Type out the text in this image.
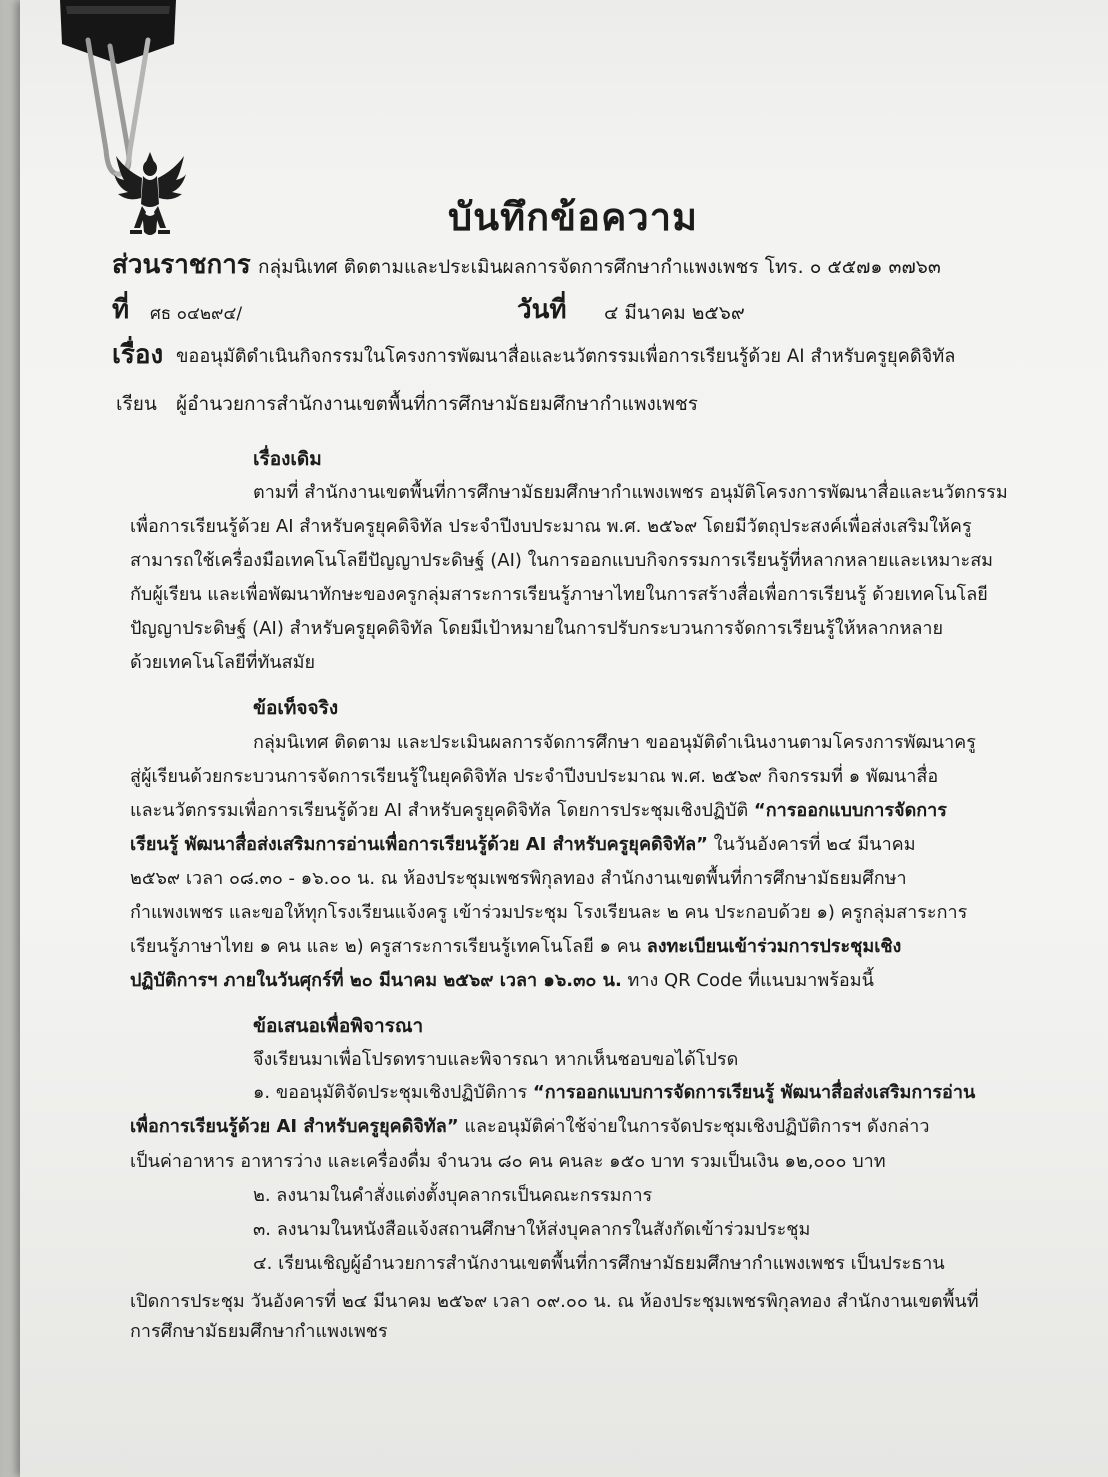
บันทึกข้อความ
ส่วนราชการ กลุ่มนิเทศ ติดตามและประเมินผลการจัดการศึกษากำแพงเพชร โทร. ๐ ๕๕๗๑ ๓๗๖๓
ที่ ศธ ๐๔๒๙๔/	วันที่ ๔ มีนาคม ๒๕๖๙
เรื่อง ขออนุมัติดำเนินกิจกรรมในโครงการพัฒนาสื่อและนวัตกรรมเพื่อการเรียนรู้ด้วย AI สำหรับครูยุคดิจิทัล
เรียน ผู้อำนวยการสำนักงานเขตพื้นที่การศึกษามัธยมศึกษากำแพงเพชร
เรื่องเดิม
ตามที่ สำนักงานเขตพื้นที่การศึกษามัธยมศึกษากำแพงเพชร อนุมัติโครงการพัฒนาสื่อและนวัตกรรม
เพื่อการเรียนรู้ด้วย AI สำหรับครูยุคดิจิทัล ประจำปีงบประมาณ พ.ศ. ๒๕๖๙ โดยมีวัตถุประสงค์เพื่อส่งเสริมให้ครู
สามารถใช้เครื่องมือเทคโนโลยีปัญญาประดิษฐ์ (AI) ในการออกแบบกิจกรรมการเรียนรู้ที่หลากหลายและเหมาะสม
กับผู้เรียน และเพื่อพัฒนาทักษะของครูกลุ่มสาระการเรียนรู้ภาษาไทยในการสร้างสื่อเพื่อการเรียนรู้ ด้วยเทคโนโลยี
ปัญญาประดิษฐ์ (AI) สำหรับครูยุคดิจิทัล โดยมีเป้าหมายในการปรับกระบวนการจัดการเรียนรู้ให้หลากหลาย
ด้วยเทคโนโลยีที่ทันสมัย
ข้อเท็จจริง
กลุ่มนิเทศ ติดตาม และประเมินผลการจัดการศึกษา ขออนุมัติดำเนินงานตามโครงการพัฒนาครู
สู่ผู้เรียนด้วยกระบวนการจัดการเรียนรู้ในยุคดิจิทัล ประจำปีงบประมาณ พ.ศ. ๒๕๖๙ กิจกรรมที่ ๑ พัฒนาสื่อ
และนวัตกรรมเพื่อการเรียนรู้ด้วย AI สำหรับครูยุคดิจิทัล โดยการประชุมเชิงปฏิบัติ “การออกแบบการจัดการ
เรียนรู้ พัฒนาสื่อส่งเสริมการอ่านเพื่อการเรียนรู้ด้วย AI สำหรับครูยุคดิจิทัล” ในวันอังคารที่ ๒๔ มีนาคม
๒๕๖๙ เวลา ๐๘.๓๐ - ๑๖.๐๐ น. ณ ห้องประชุมเพชรพิกุลทอง สำนักงานเขตพื้นที่การศึกษามัธยมศึกษา
กำแพงเพชร และขอให้ทุกโรงเรียนแจ้งครู เข้าร่วมประชุม โรงเรียนละ ๒ คน ประกอบด้วย ๑) ครูกลุ่มสาระการ
เรียนรู้ภาษาไทย ๑ คน และ ๒) ครูสาระการเรียนรู้เทคโนโลยี ๑ คน ลงทะเบียนเข้าร่วมการประชุมเชิง
ปฏิบัติการฯ ภายในวันศุกร์ที่ ๒๐ มีนาคม ๒๕๖๙ เวลา ๑๖.๓๐ น. ทาง QR Code ที่แนบมาพร้อมนี้
ข้อเสนอเพื่อพิจารณา
จึงเรียนมาเพื่อโปรดทราบและพิจารณา หากเห็นชอบขอได้โปรด
๑. ขออนุมัติจัดประชุมเชิงปฏิบัติการ “การออกแบบการจัดการเรียนรู้ พัฒนาสื่อส่งเสริมการอ่าน
เพื่อการเรียนรู้ด้วย AI สำหรับครูยุคดิจิทัล” และอนุมัติค่าใช้จ่ายในการจัดประชุมเชิงปฏิบัติการฯ ดังกล่าว
เป็นค่าอาหาร อาหารว่าง และเครื่องดื่ม จำนวน ๘๐ คน คนละ ๑๕๐ บาท รวมเป็นเงิน ๑๒,๐๐๐ บาท
๒. ลงนามในคำสั่งแต่งตั้งบุคลากรเป็นคณะกรรมการ
๓. ลงนามในหนังสือแจ้งสถานศึกษาให้ส่งบุคลากรในสังกัดเข้าร่วมประชุม
๔. เรียนเชิญผู้อำนวยการสำนักงานเขตพื้นที่การศึกษามัธยมศึกษากำแพงเพชร เป็นประธาน
เปิดการประชุม วันอังคารที่ ๒๔ มีนาคม ๒๕๖๙ เวลา ๐๙.๐๐ น. ณ ห้องประชุมเพชรพิกุลทอง สำนักงานเขตพื้นที่
การศึกษามัธยมศึกษากำแพงเพชร
